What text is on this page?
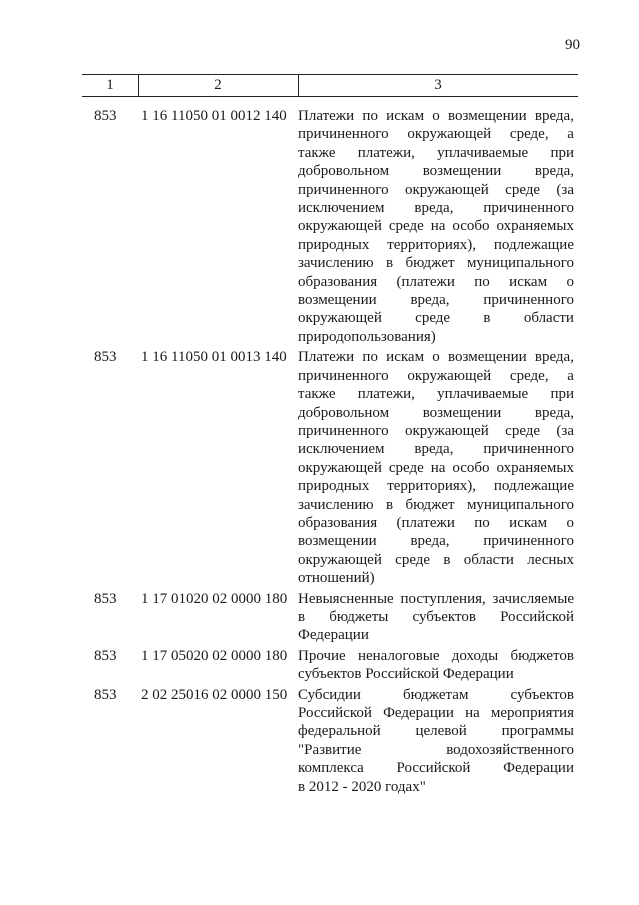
90
1	2	3
853	1 16 11050 01 0012 140 Платежи по искам о возмещении вреда,
причиненного окружающей среде, а
также платежи, уплачиваемые при
добровольном возмещении вреда,
причиненного окружающей среде (за
исключением вреда, причиненного
окружающей среде на особо охраняемых
природных территориях), подлежащие
зачислению в бюджет муниципального
образования (платежи по искам о
возмещении вреда, причиненного
окружающей среде в области
природопользования)
853	1 16 11050 01 0013 140 Платежи по искам о возмещении вреда,
причиненного окружающей среде, а
также платежи, уплачиваемые при
добровольном возмещении вреда,
причиненного окружающей среде (за
исключением вреда, причиненного
окружающей среде на особо охраняемых
природных территориях), подлежащие
зачислению в бюджет муниципального
образования (платежи по искам о
возмещении вреда, причиненного
окружающей среде в области лесных
отношений)
853	1 17 01020 02 0000 180 Невыясненные поступления, зачисляемые
в бюджеты субъектов Российской
Федерации
853	1 17 05020 02 0000 180 Прочие неналоговые доходы бюджетов
субъектов Российской Федерации
853	2 02 25016 02 0000 150 Субсидии	бюджетам	субъектов
Российской Федерации на мероприятия
федеральной целевой программы
"Развитие	водохозяйственного
комплекса Российской Федерации
в 2012 - 2020 годах"
